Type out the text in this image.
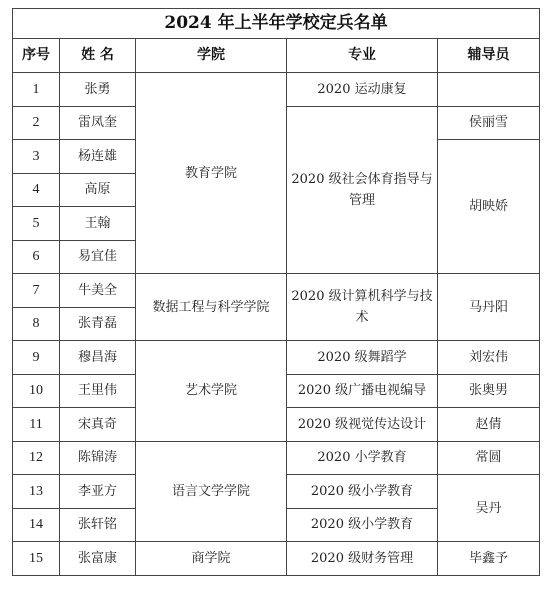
2024 年上半年学校定兵名单				
序号	姓 名	学院	专业	辅导员
1	张勇	教育学院	2020 运动康复	
2	雷凤奎		2020 级社会体育指导与管理	侯丽雪
3	杨连雄			胡映娇
4	高原			
5	王翰			
6	易宜佳			
7	牛美全	数据工程与科学学院	2020 级计算机科学与技术	马丹阳
8	张青磊			
9	穆昌海	艺术学院	2020 级舞蹈学	刘宏伟
10	王里伟		2020 级广播电视编导	张奥男
11	宋真奇		2020 级视觉传达设计	赵倩
12	陈锦涛	语言文学学院	2020 小学教育	常圆
13	李亚方		2020 级小学教育	吴丹
14	张轩铭		2020 级小学教育	
15	张富康	商学院	2020 级财务管理	毕鑫予
